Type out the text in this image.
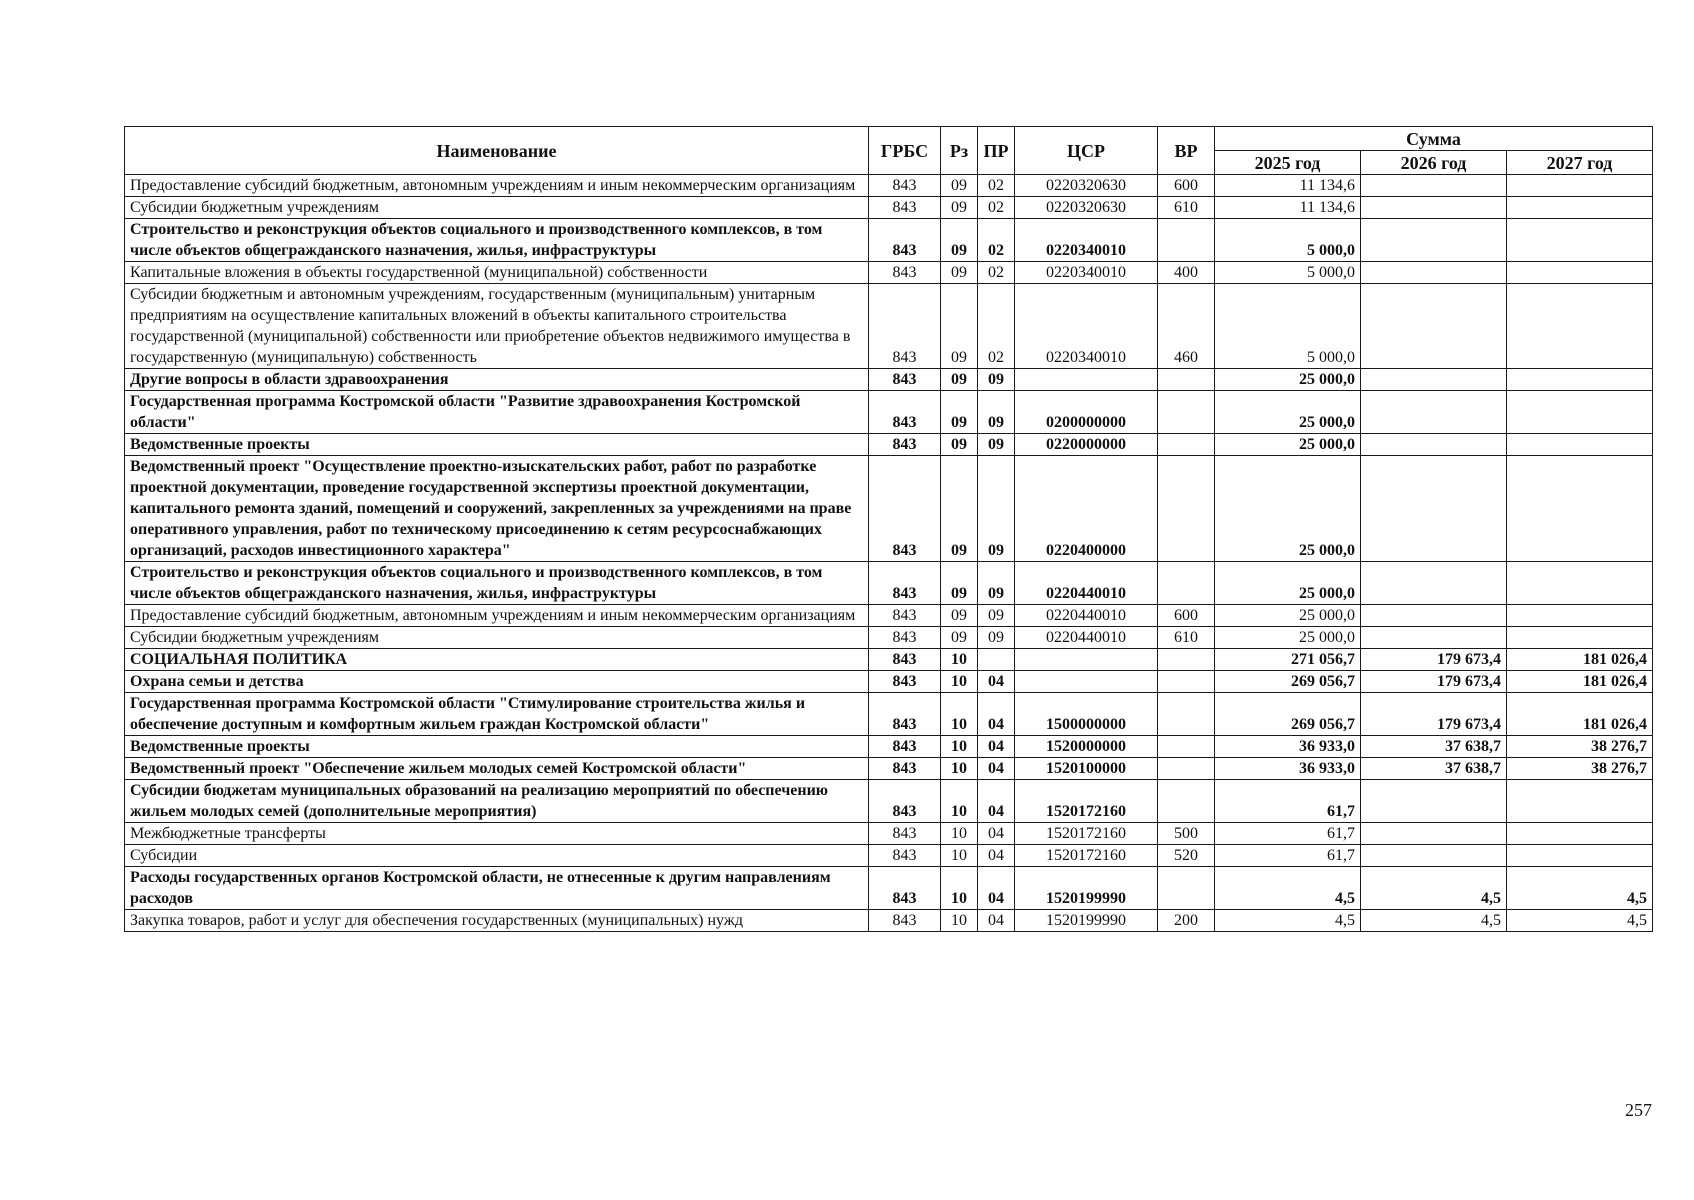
Наименование	ГРБС	Рз	ПР	ЦСР	ВР	Сумма		
						2025 год	2026 год	2027 год
Предоставление субсидий бюджетным, автономным учреждениям и иным некоммерческим организациям	843	09	02	0220320630	600	11 134,6		
Субсидии бюджетным учреждениям	843	09	02	0220320630	610	11 134,6		
Строительство и реконструкция объектов социального и производственного комплексов, в том числе объектов общегражданского назначения, жилья, инфраструктуры	843	09	02	0220340010		5 000,0		
Капитальные вложения в объекты государственной (муниципальной) собственности	843	09	02	0220340010	400	5 000,0		
Субсидии бюджетным и автономным учреждениям, государственным (муниципальным) унитарным предприятиям на осуществление капитальных вложений в объекты капитального строительства государственной (муниципальной) собственности или приобретение объектов недвижимого имущества в государственную (муниципальную) собственность	843	09	02	0220340010	460	5 000,0		
Другие вопросы в области здравоохранения	843	09	09			25 000,0		
Государственная программа Костромской области "Развитие здравоохранения Костромской области"	843	09	09	0200000000		25 000,0		
Ведомственные проекты	843	09	09	0220000000		25 000,0		
Ведомственный проект "Осуществление проектно-изыскательских работ, работ по разработке проектной документации, проведение государственной экспертизы проектной документации, капитального ремонта зданий, помещений и сооружений, закрепленных за учреждениями на праве оперативного управления, работ по техническому присоединению к сетям ресурсоснабжающих организаций, расходов инвестиционного характера"	843	09	09	0220400000		25 000,0		
Строительство и реконструкция объектов социального и производственного комплексов, в том числе объектов общегражданского назначения, жилья, инфраструктуры	843	09	09	0220440010		25 000,0		
Предоставление субсидий бюджетным, автономным учреждениям и иным некоммерческим организациям	843	09	09	0220440010	600	25 000,0		
Субсидии бюджетным учреждениям	843	09	09	0220440010	610	25 000,0		
СОЦИАЛЬНАЯ ПОЛИТИКА	843	10				271 056,7	179 673,4	181 026,4
Охрана семьи и детства	843	10	04			269 056,7	179 673,4	181 026,4
Государственная программа Костромской области "Стимулирование строительства жилья и обеспечение доступным и комфортным жильем граждан Костромской области"	843	10	04	1500000000		269 056,7	179 673,4	181 026,4
Ведомственные проекты	843	10	04	1520000000		36 933,0	37 638,7	38 276,7
Ведомственный проект "Обеспечение жильем молодых семей Костромской области"	843	10	04	1520100000		36 933,0	37 638,7	38 276,7
Субсидии бюджетам муниципальных образований на реализацию мероприятий по обеспечению жильем молодых семей (дополнительные мероприятия)	843	10	04	1520172160		61,7		
Межбюджетные трансферты	843	10	04	1520172160	500	61,7		
Субсидии	843	10	04	1520172160	520	61,7		
Расходы государственных органов Костромской области, не отнесенные к другим направлениям расходов	843	10	04	1520199990		4,5	4,5	4,5
Закупка товаров, работ и услуг для обеспечения государственных (муниципальных) нужд	843	10	04	1520199990	200	4,5	4,5	4,5
257
